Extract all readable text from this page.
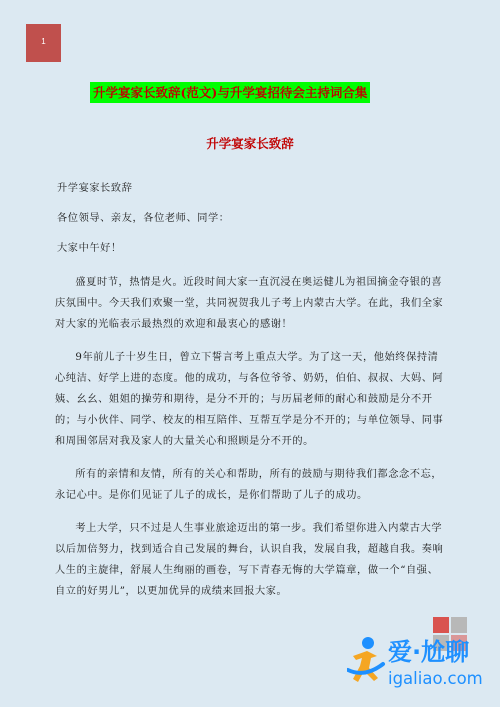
1
升学宴家长致辞(范文)与升学宴招待会主持词合集
升学宴家长致辞

升学宴家长致辞

各位领导、亲友，各位老师、同学：

大家中午好！

盛夏时节，热情是火。近段时间大家一直沉浸在奥运健儿为祖国摘金夺银的喜庆氛围中。今天我们欢聚一堂，共同祝贺我儿子考上内蒙古大学。在此，我们全家对大家的光临表示最热烈的欢迎和最衷心的感谢！

9年前儿子十岁生日，曾立下誓言考上重点大学。为了这一天，他始终保持清心纯洁、好学上进的态度。他的成功，与各位爷爷、奶奶，伯伯、叔叔、大妈、阿姨、幺幺、姐姐的操劳和期待，是分不开的；与历届老师的耐心和鼓励是分不开的；与小伙伴、同学、校友的相互陪伴、互帮互学是分不开的；与单位领导、同事和周围邻居对我及家人的大量关心和照顾是分不开的。

所有的亲情和友情，所有的关心和帮助，所有的鼓励与期待我们都念念不忘，永记心中。是你们见证了儿子的成长，是你们帮助了儿子的成功。

考上大学，只不过是人生事业旅途迈出的第一步。我们希望你进入内蒙古大学以后加倍努力，找到适合自己发展的舞台，认识自我，发展自我，超越自我。奏响人生的主旋律，舒展人生绚丽的画卷，写下青春无悔的大学篇章，做一个“自强、自立的好男儿”，以更加优异的成绩来回报大家。

爱·尬聊
igaliao.com
